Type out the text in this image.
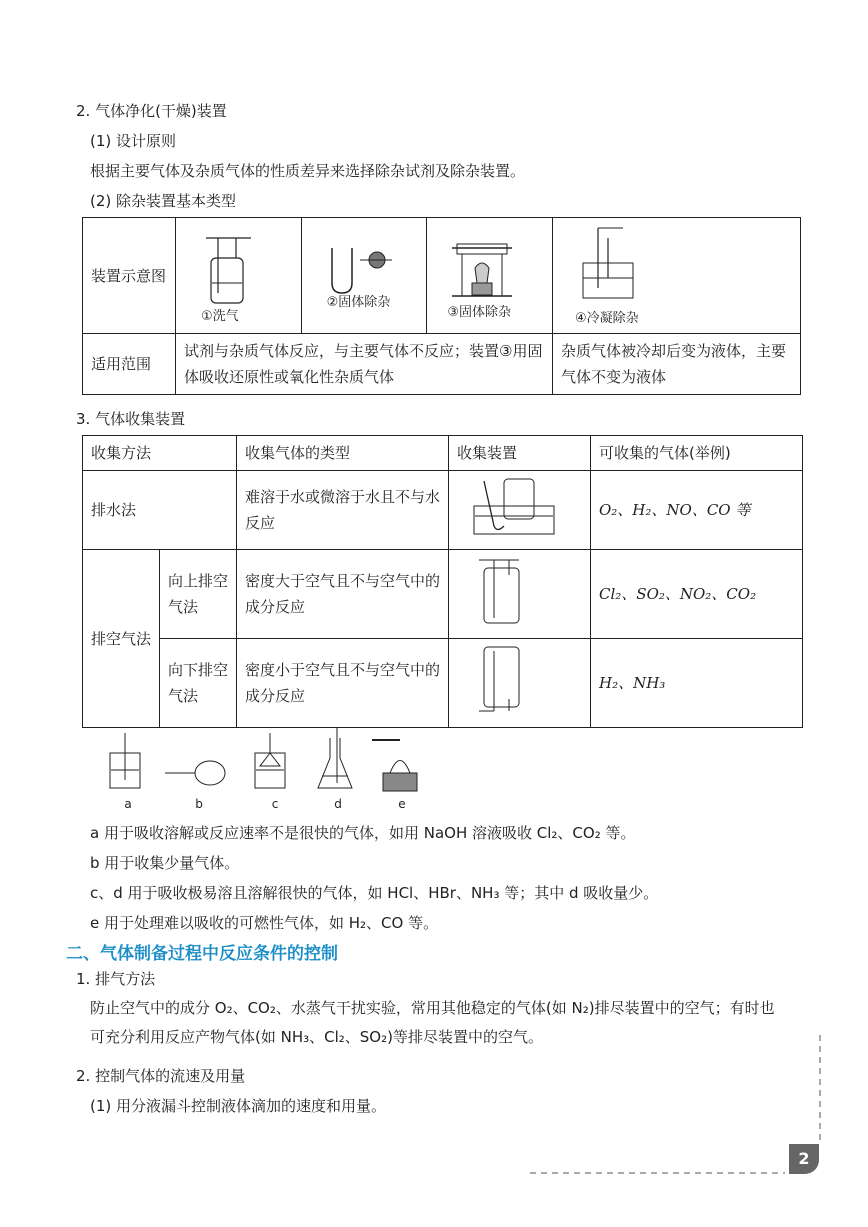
2. 气体净化(干燥)装置
(1) 设计原则
根据主要气体及杂质气体的性质差异来选择除杂试剂及除杂装置。
(2) 除杂装置基本类型
装置示意图	①洗气	②固体除杂	③固体除杂	④冷凝除杂

适用范围	试剂与杂质气体反应，与主要气体不反应；装置③用固体吸收还原性或氧化性杂质气体			杂质气体被冷却后变为液体，主要气体不变为液体
3. 气体收集装置
收集方法		收集气体的类型	收集装置	可收集的气体(举例)
排水法		难溶于水或微溶于水且不与水反应		O₂、H₂、NO、CO 等
排空气法	向上排空气法	密度大于空气且不与空气中的成分反应		Cl₂、SO₂、NO₂、CO₂
	向下排空气法	密度小于空气且不与空气中的成分反应		H₂、NH₃
a	b	c	d	e
a 用于吸收溶解或反应速率不是很快的气体，如用 NaOH 溶液吸收 Cl₂、CO₂ 等。
b 用于收集少量气体。
c、d 用于吸收极易溶且溶解很快的气体，如 HCl、HBr、NH₃ 等；其中 d 吸收量少。
e 用于处理难以吸收的可燃性气体，如 H₂、CO 等。
二、气体制备过程中反应条件的控制
1. 排气方法
防止空气中的成分 O₂、CO₂、水蒸气干扰实验，常用其他稳定的气体(如 N₂)排尽装置中的空气；有时也
可充分利用反应产物气体(如 NH₃、Cl₂、SO₂)等排尽装置中的空气。
2. 控制气体的流速及用量
(1) 用分液漏斗控制液体滴加的速度和用量。
2
